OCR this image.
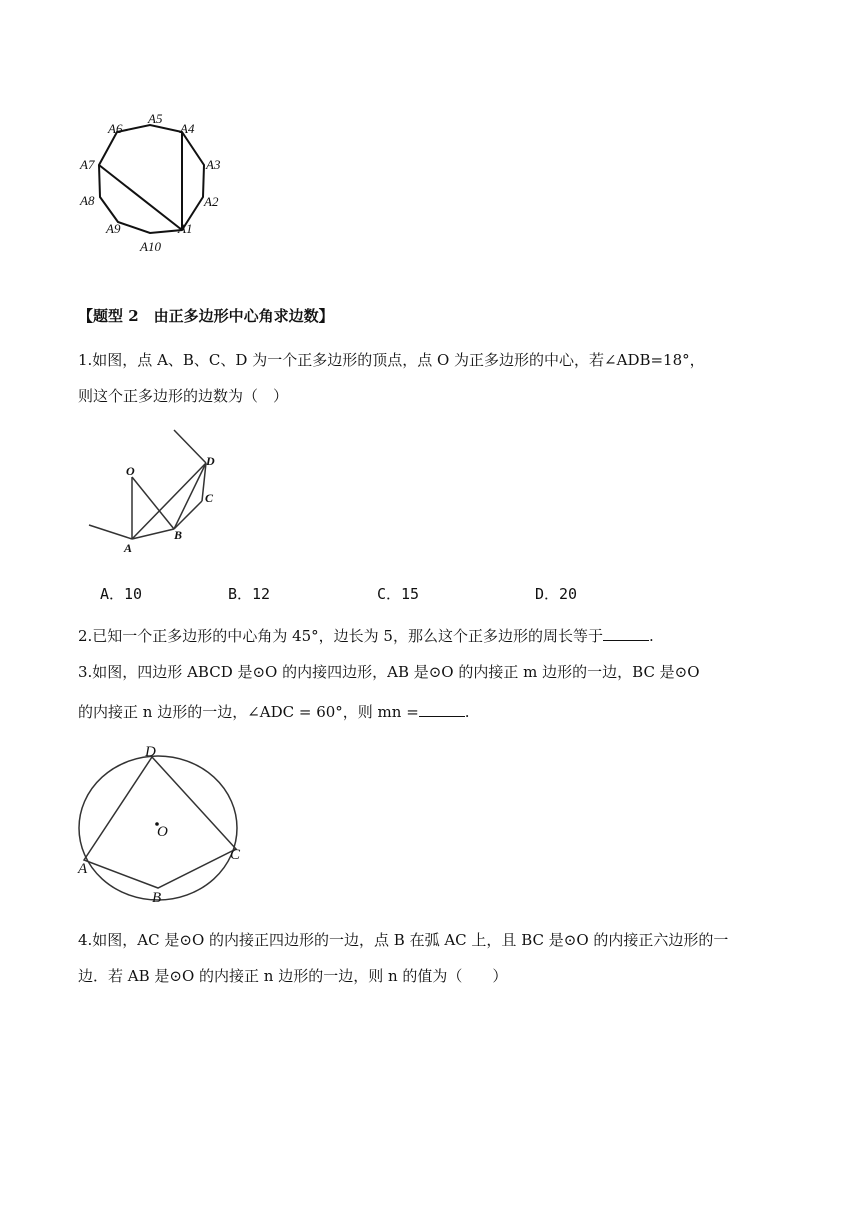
A1
A2
A3
A4
A5
A6
A7
A8
A9
A10
【题型 2　由正多边形中心角求边数】
1.如图，点 A、B、C、D 为一个正多边形的顶点，点 O 为正多边形的中心，若∠ADB=18°，
则这个正多边形的边数为（　）
O
A
B
C
D
A．10	B．12	C．15	D．20
2.已知一个正多边形的中心角为 45°，边长为 5，那么这个正多边形的周长等于	.
3.如图，四边形 ABCD 是⊙O 的内接四边形，AB 是⊙O 的内接正 m 边形的一边，BC 是⊙O
的内接正 n 边形的一边，∠ADC = 60°，则 mn =	.
D
C
B
A
O
4.如图，AC 是⊙O 的内接正四边形的一边，点 B 在弧 AC 上，且 BC 是⊙O 的内接正六边形的一
边．若 AB 是⊙O 的内接正 n 边形的一边，则 n 的值为（　　）
